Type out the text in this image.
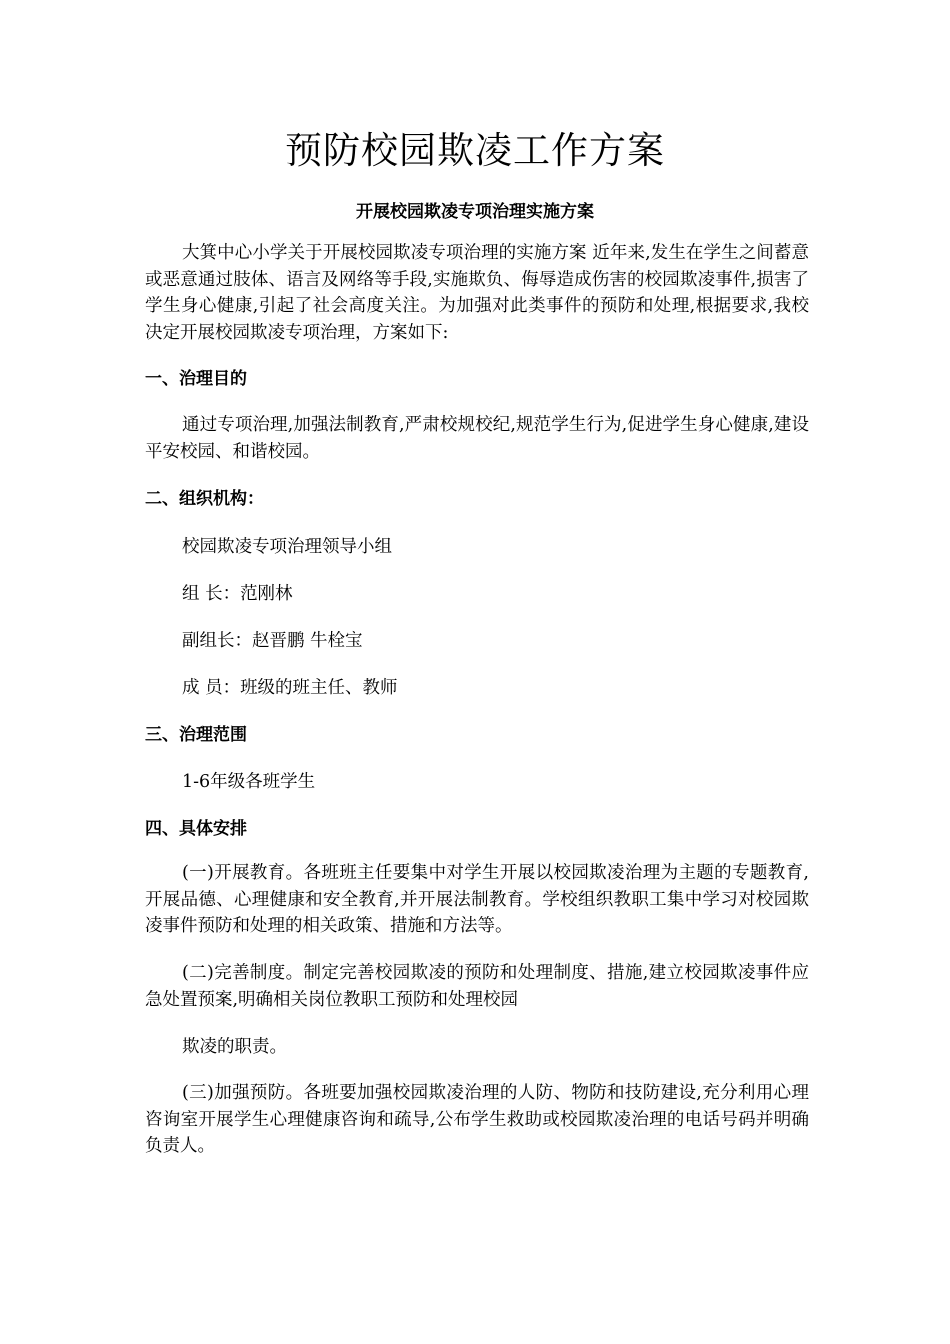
预防校园欺凌工作方案
开展校园欺凌专项治理实施方案

大箕中心小学关于开展校园欺凌专项治理的实施方案 近年来,发生在学生之间蓄意或恶意通过肢体、语言及网络等手段,实施欺负、侮辱造成伤害的校园欺凌事件,损害了学生身心健康,引起了社会高度关注。为加强对此类事件的预防和处理,根据要求,我校决定开展校园欺凌专项治理，方案如下:

一、治理目的

通过专项治理,加强法制教育,严肃校规校纪,规范学生行为,促进学生身心健康,建设平安校园、和谐校园。

二、组织机构：

校园欺凌专项治理领导小组

组 长：范刚林

副组长：赵晋鹏 牛栓宝

成 员：班级的班主任、教师

三、治理范围

1-6年级各班学生

四、具体安排

(一)开展教育。各班班主任要集中对学生开展以校园欺凌治理为主题的专题教育,开展品德、心理健康和安全教育,并开展法制教育。学校组织教职工集中学习对校园欺凌事件预防和处理的相关政策、措施和方法等。

(二)完善制度。制定完善校园欺凌的预防和处理制度、措施,建立校园欺凌事件应急处置预案,明确相关岗位教职工预防和处理校园

欺凌的职责。

(三)加强预防。各班要加强校园欺凌治理的人防、物防和技防建设,充分利用心理咨询室开展学生心理健康咨询和疏导,公布学生救助或校园欺凌治理的电话号码并明确负责人。
